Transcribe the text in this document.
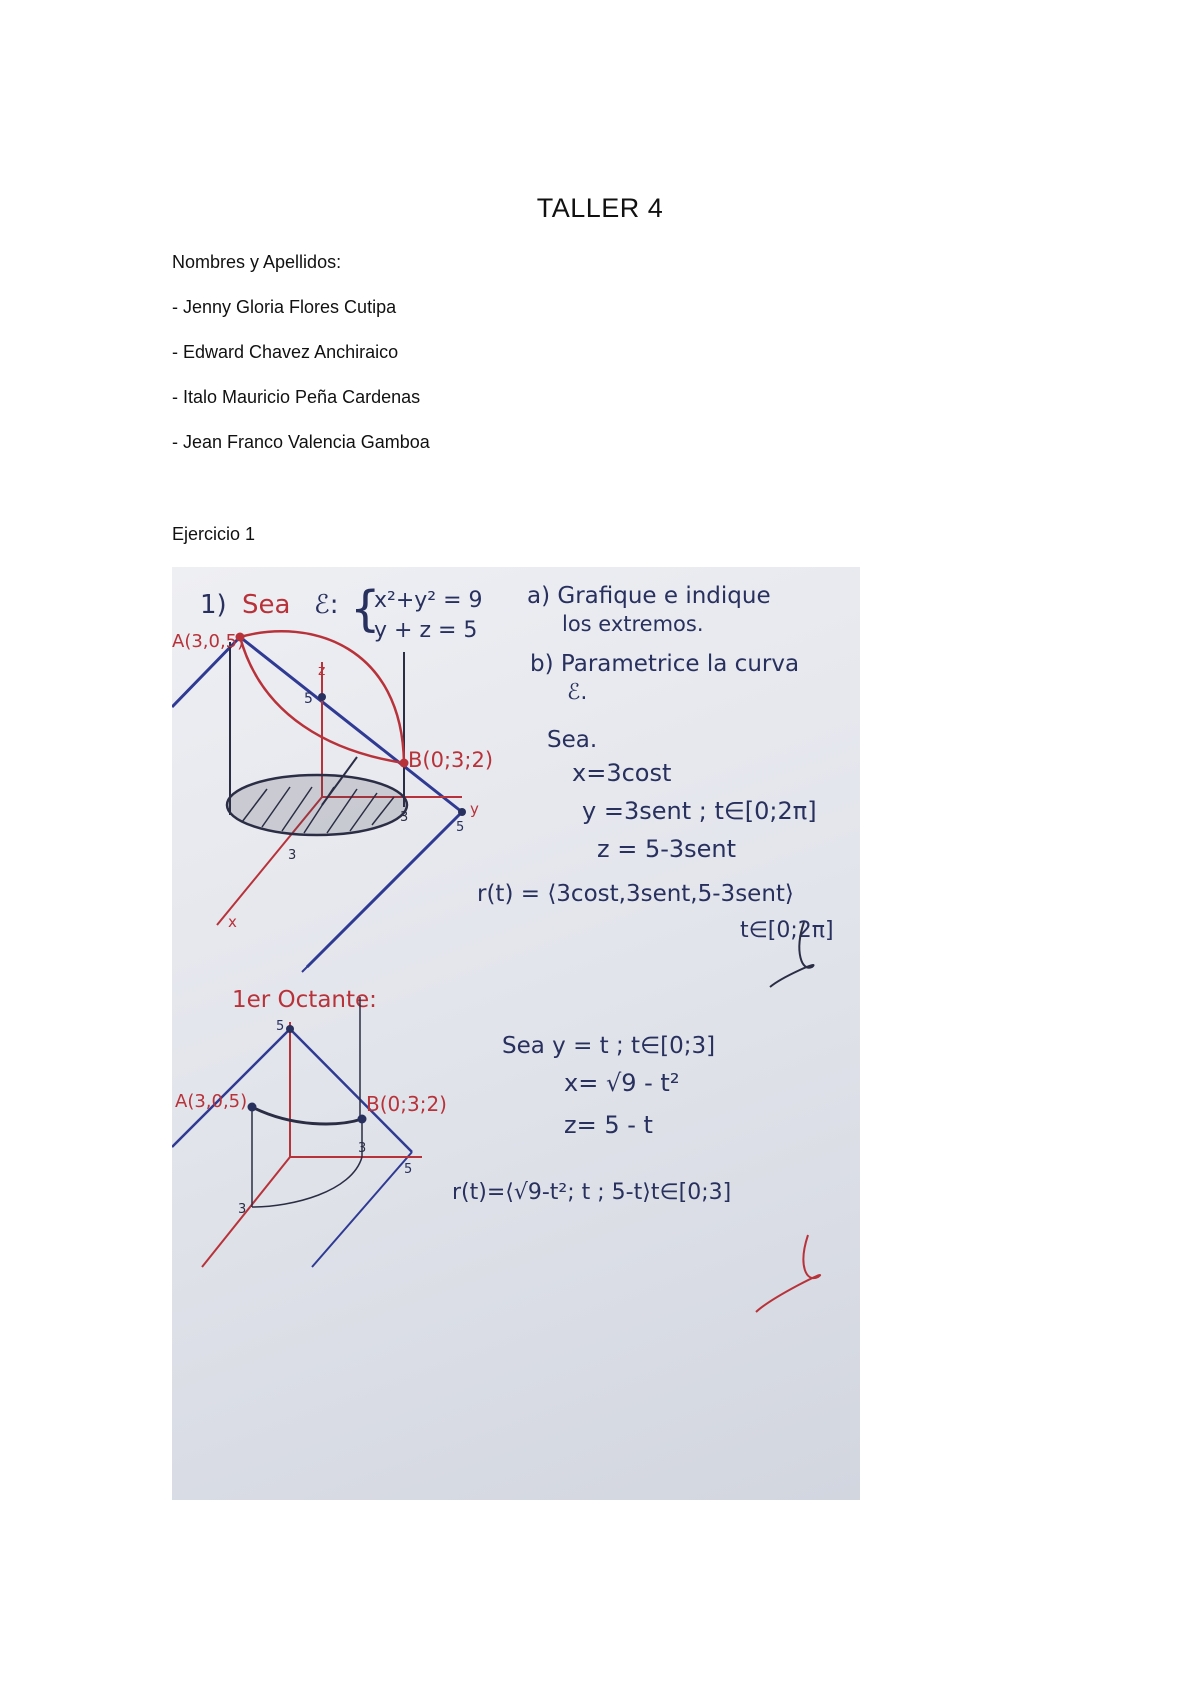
TALLER 4
Nombres y Apellidos:
- Jenny Gloria Flores Cutipa
- Edward Chavez Anchiraico
- Italo Mauricio Peña Cardenas
- Jean Franco Valencia Gamboa
Ejercicio 1
A(3,0,5)
B(0;3;2)
z
5
y
5
3
3
x
1) Sea ℰ: {
x²+y² = 9
y + z = 5
a) Grafique e indique
los extremos.
b) Parametrice la curva
ℰ.
Sea.
x=3cost
y =3sent ; t∈[0;2π]
z = 5-3sent
r(t) = ⟨3cost,3sent,5-3sent⟩
t∈[0;2π]
1er Octante:
A(3,0,5)	B(0;3;2)
5
3
5
3
Sea y = t ; t∈[0;3]
x= √9 - t²
z= 5 - t
r(t)=⟨√9-t²; t ; 5-t⟩t∈[0;3]
